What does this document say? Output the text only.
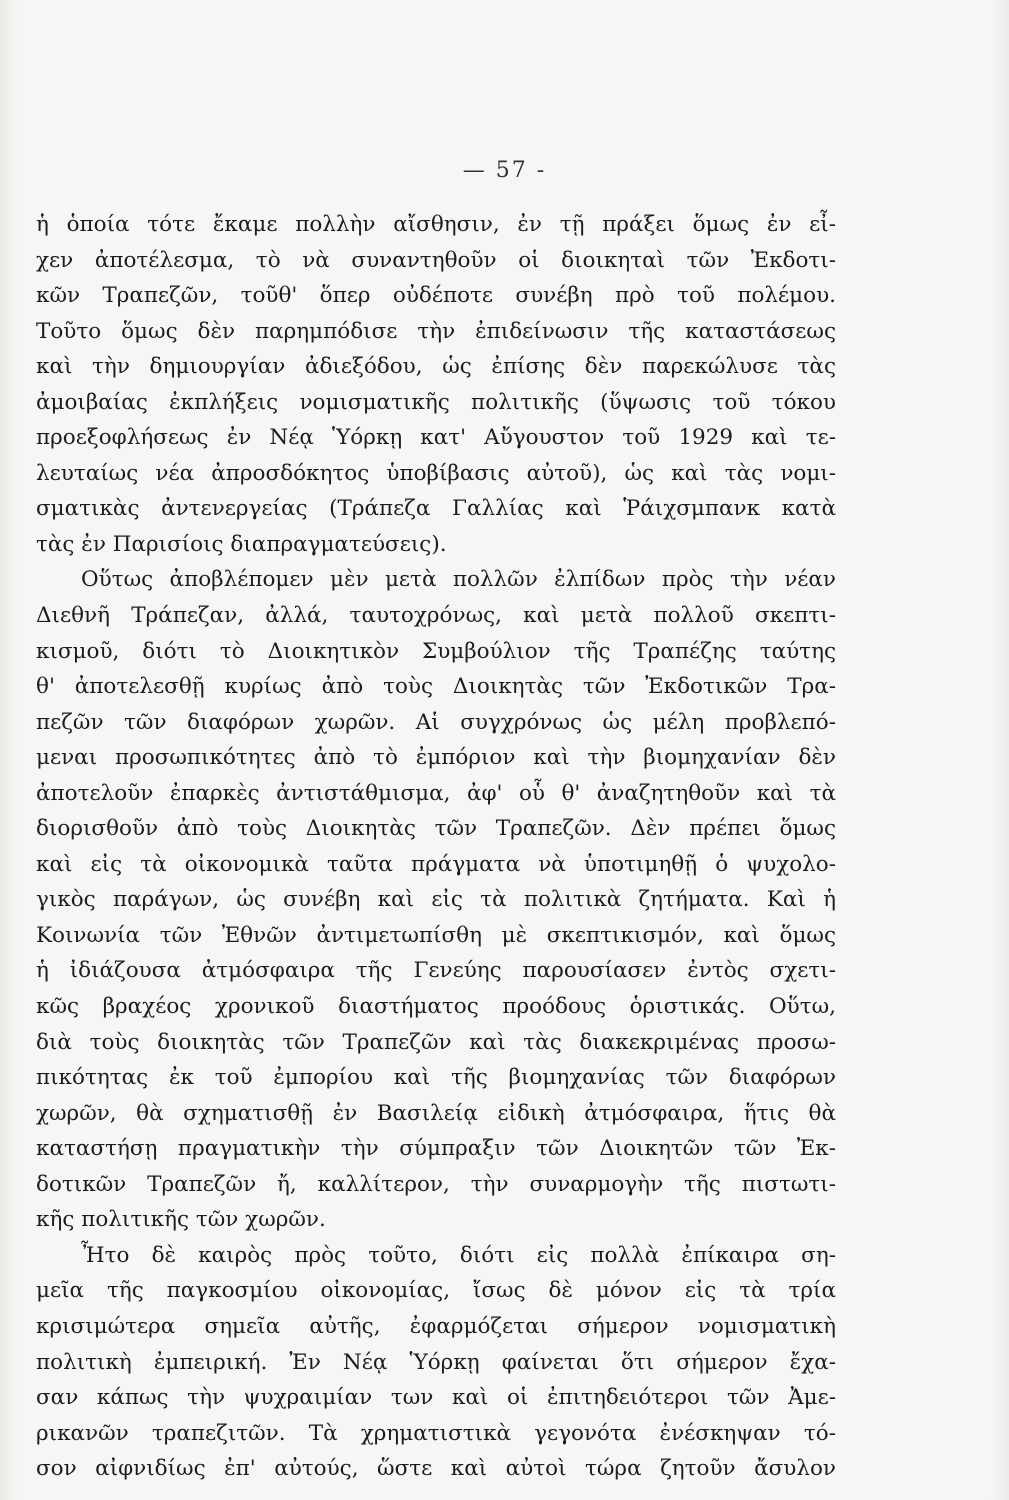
— 57 -
ἡ ὁποία τότε ἔκαμε πολλὴν αἴσθησιν, ἐν τῇ πράξει ὅμως ἐν εἶ-
χεν ἀποτέλεσμα, τὸ νὰ συναντηθοῦν οἱ διοικηταὶ τῶν Ἐκδοτι-
κῶν Τραπεζῶν, τοῦθ' ὅπερ οὐδέποτε συνέβη πρὸ τοῦ πολέμου.
Τοῦτο ὅμως δὲν παρημπόδισε τὴν ἐπιδείνωσιν τῆς καταστάσεως
καὶ τὴν δημιουργίαν ἀδιεξόδου, ὡς ἐπίσης δὲν παρεκώλυσε τὰς
ἀμοιβαίας ἐκπλήξεις νομισματικῆς πολιτικῆς (ὕψωσις τοῦ τόκου
προεξοφλήσεως ἐν Νέᾳ Ὑόρκῃ κατ' Αὔγουστον τοῦ 1929 καὶ τε-
λευταίως νέα ἀπροσδόκητος ὑποβίβασις αὐτοῦ), ὡς καὶ τὰς νομι-
σματικὰς ἀντενεργείας (Τράπεζα Γαλλίας καὶ Ῥάιχσμπανκ κατὰ
τὰς ἐν Παρισίοις διαπραγματεύσεις).
Οὕτως ἀποβλέπομεν μὲν μετὰ πολλῶν ἐλπίδων πρὸς τὴν νέαν
Διεθνῆ Τράπεζαν, ἀλλά, ταυτοχρόνως, καὶ μετὰ πολλοῦ σκεπτι-
κισμοῦ, διότι τὸ Διοικητικὸν Συμβούλιον τῆς Τραπέζης ταύτης
θ' ἀποτελεσθῇ κυρίως ἀπὸ τοὺς Διοικητὰς τῶν Ἐκδοτικῶν Τρα-
πεζῶν τῶν διαφόρων χωρῶν. Αἱ συγχρόνως ὡς μέλη προβλεπό-
μεναι προσωπικότητες ἀπὸ τὸ ἐμπόριον καὶ τὴν βιομηχανίαν δὲν
ἀποτελοῦν ἐπαρκὲς ἀντιστάθμισμα, ἀφ' οὗ θ' ἀναζητηθοῦν καὶ τὰ
διορισθοῦν ἀπὸ τοὺς Διοικητὰς τῶν Τραπεζῶν. Δὲν πρέπει ὅμως
καὶ εἰς τὰ οἰκονομικὰ ταῦτα πράγματα νὰ ὑποτιμηθῇ ὁ ψυχολο-
γικὸς παράγων, ὡς συνέβη καὶ εἰς τὰ πολιτικὰ ζητήματα. Καὶ ἡ
Κοινωνία τῶν Ἐθνῶν ἀντιμετωπίσθη μὲ σκεπτικισμόν, καὶ ὅμως
ἡ ἰδιάζουσα ἀτμόσφαιρα τῆς Γενεύης παρουσίασεν ἐντὸς σχετι-
κῶς βραχέος χρονικοῦ διαστήματος προόδους ὁριστικάς. Οὕτω,
διὰ τοὺς διοικητὰς τῶν Τραπεζῶν καὶ τὰς διακεκριμένας προσω-
πικότητας ἐκ τοῦ ἐμπορίου καὶ τῆς βιομηχανίας τῶν διαφόρων
χωρῶν, θὰ σχηματισθῇ ἐν Βασιλείᾳ εἰδικὴ ἀτμόσφαιρα, ἥτις θὰ
καταστήσῃ πραγματικὴν τὴν σύμπραξιν τῶν Διοικητῶν τῶν Ἐκ-
δοτικῶν Τραπεζῶν ἤ, καλλίτερον, τὴν συναρμογὴν τῆς πιστωτι-
κῆς πολιτικῆς τῶν χωρῶν.
Ἦτο δὲ καιρὸς πρὸς τοῦτο, διότι εἰς πολλὰ ἐπίκαιρα ση-
μεῖα τῆς παγκοσμίου οἰκονομίας, ἴσως δὲ μόνον εἰς τὰ τρία
κρισιμώτερα σημεῖα αὐτῆς, ἐφαρμόζεται σήμερον νομισματικὴ
πολιτικὴ ἐμπειρική. Ἐν Νέᾳ Ὑόρκῃ φαίνεται ὅτι σήμερον ἔχα-
σαν κάπως τὴν ψυχραιμίαν των καὶ οἱ ἐπιτηδειότεροι τῶν Ἀμε-
ρικανῶν τραπεζιτῶν. Τὰ χρηματιστικὰ γεγονότα ἐνέσκηψαν τό-
σον αἰφνιδίως ἐπ' αὐτούς, ὥστε καὶ αὐτοὶ τώρα ζητοῦν ἄσυλον
